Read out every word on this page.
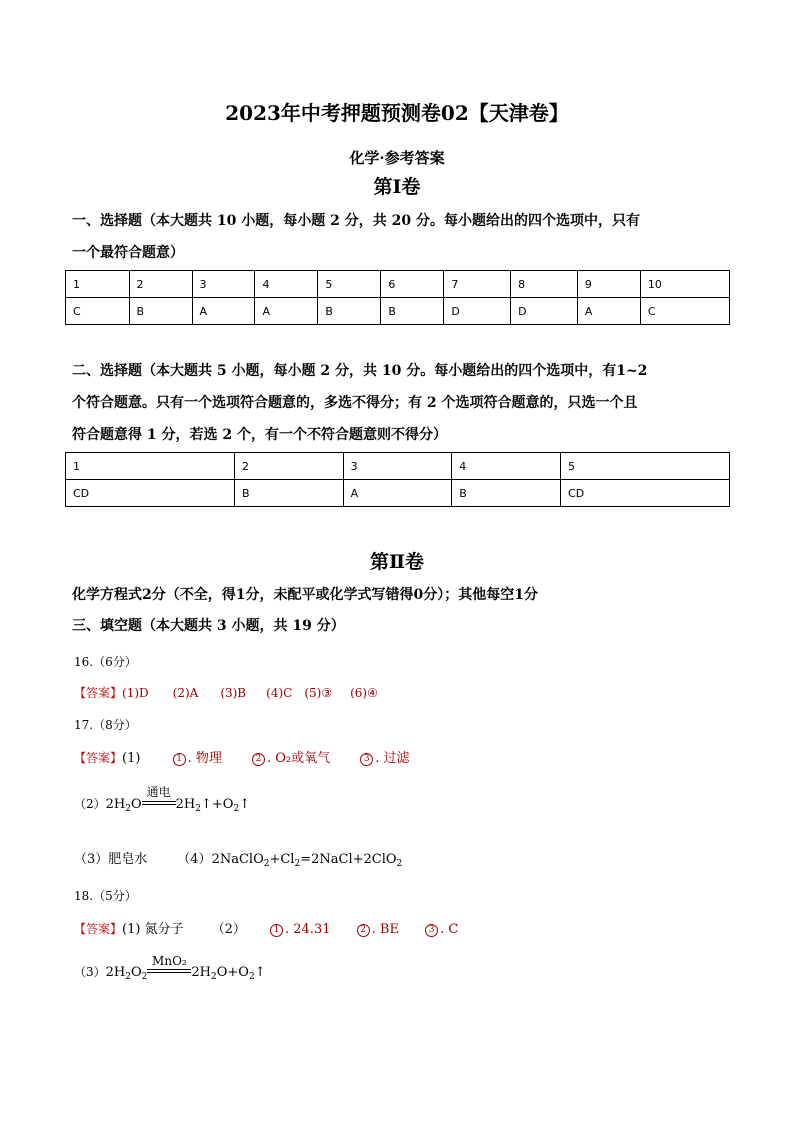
2023年中考押题预测卷02【天津卷】
化学·参考答案
第Ⅰ卷
一、选择题（本大题共 10 小题，每小题 2 分，共 20 分。每小题给出的四个选项中，只有
一个最符合题意）
1	2	3	4	5	6	7	8	9	10
C	B	A	A	B	B	D	D	A	C
二、选择题（本大题共 5 小题，每小题 2 分，共 10 分。每小题给出的四个选项中，有1~2
个符合题意。只有一个选项符合题意的，多选不得分；有 2 个选项符合题意的，只选一个且
符合题意得 1 分，若选 2 个，有一个不符合题意则不得分）
1	2	3	4	5
CD	B	A	B	CD
第Ⅱ卷
化学方程式2分（不全，得1分，未配平或化学式写错得0分）；其他每空1分
三、填空题（本大题共 3 小题，共 19 分）
16.（6分）
【答案】(1)D (2)A (3)B (4)C (5)③ (6)④
17.（8分）
【答案】(1)	1 . 物理	2 . O₂或氧气	3 . 过滤
$(2)2H_2O$
通电
$2H_2↑+O_2↑$
（3）肥皂水 $(4)2NaClO_2+Cl_2=2NaCl+2ClO_2$
18.（5分）
【答案】(1) 氮分子 （2）	1 . 24.31	2 . BE	3 . C
$(3)2H_2O_2$
MnO₂
$2H_2O+O_2↑$
